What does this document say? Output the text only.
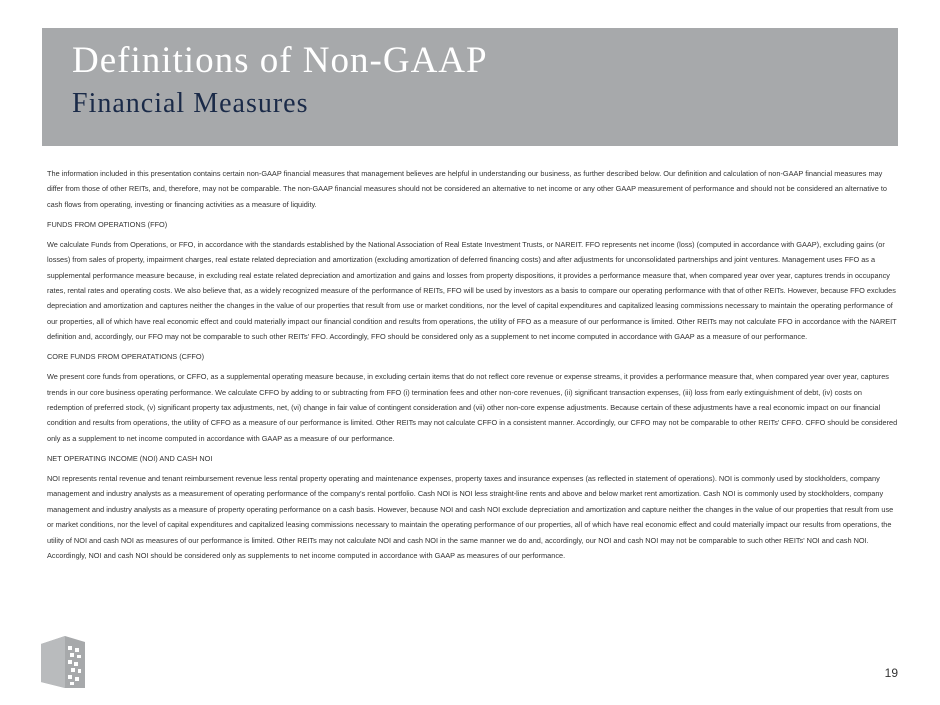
Definitions of Non-GAAP
Financial Measures

The information included in this presentation contains certain non-GAAP financial measures that management believes are helpful in understanding our business, as further described below. Our definition and calculation of non-GAAP financial measures may differ from those of other REITs, and, therefore, may not be comparable. The non-GAAP financial measures should not be considered an alternative to net income or any other GAAP measurement of performance and should not be considered an alternative to cash flows from operating, investing or financing activities as a measure of liquidity.

FUNDS FROM OPERATIONS (FFO)

We calculate Funds from Operations, or FFO, in accordance with the standards established by the National Association of Real Estate Investment Trusts, or NAREIT. FFO represents net income (loss) (computed in accordance with GAAP), excluding gains (or losses) from sales of property, impairment charges, real estate related depreciation and amortization (excluding amortization of deferred financing costs) and after adjustments for unconsolidated partnerships and joint ventures. Management uses FFO as a supplemental performance measure because, in excluding real estate related depreciation and amortization and gains and losses from property dispositions, it provides a performance measure that, when compared year over year, captures trends in occupancy rates, rental rates and operating costs. We also believe that, as a widely recognized measure of the performance of REITs, FFO will be used by investors as a basis to compare our operating performance with that of other REITs. However, because FFO excludes depreciation and amortization and captures neither the changes in the value of our properties that result from use or market conditions, nor the level of capital expenditures and capitalized leasing commissions necessary to maintain the operating performance of our properties, all of which have real economic effect and could materially impact our financial condition and results from operations, the utility of FFO as a measure of our performance is limited. Other REITs may not calculate FFO in accordance with the NAREIT definition and, accordingly, our FFO may not be comparable to such other REITs' FFO. Accordingly, FFO should be considered only as a supplement to net income computed in accordance with GAAP as a measure of our performance.

CORE FUNDS FROM OPERATATIONS (CFFO)

We present core funds from operations, or CFFO, as a supplemental operating measure because, in excluding certain items that do not reflect core revenue or expense streams, it provides a performance measure that, when compared year over year, captures trends in our core business operating performance. We calculate CFFO by adding to or subtracting from FFO (i) termination fees and other non-core revenues, (ii) significant transaction expenses, (iii) loss from early extinguishment of debt, (iv) costs on redemption of preferred stock, (v) significant property tax adjustments, net, (vi) change in fair value of contingent consideration and (vii) other non-core expense adjustments. Because certain of these adjustments have a real economic impact on our financial condition and results from operations, the utility of CFFO as a measure of our performance is limited. Other REITs may not calculate CFFO in a consistent manner. Accordingly, our CFFO may not be comparable to other REITs' CFFO. CFFO should be considered only as a supplement to net income computed in accordance with GAAP as a measure of our performance.

NET OPERATING INCOME (NOI) AND CASH NOI

NOI represents rental revenue and tenant reimbursement revenue less rental property operating and maintenance expenses, property taxes and insurance expenses (as reflected in statement of operations). NOI is commonly used by stockholders, company management and industry analysts as a measurement of operating performance of the company's rental portfolio. Cash NOI is NOI less straight-line rents and above and below market rent amortization. Cash NOI is commonly used by stockholders, company management and industry analysts as a measure of property operating performance on a cash basis. However, because NOI and cash NOI exclude depreciation and amortization and capture neither the changes in the value of our properties that result from use or market conditions, nor the level of capital expenditures and capitalized leasing commissions necessary to maintain the operating performance of our properties, all of which have real economic effect and could materially impact our results from operations, the utility of NOI and cash NOI as measures of our performance is limited. Other REITs may not calculate NOI and cash NOI in the same manner we do and, accordingly, our NOI and cash NOI may not be comparable to such other REITs' NOI and cash NOI. Accordingly, NOI and cash NOI should be considered only as supplements to net income computed in accordance with GAAP as measures of our performance.

19
